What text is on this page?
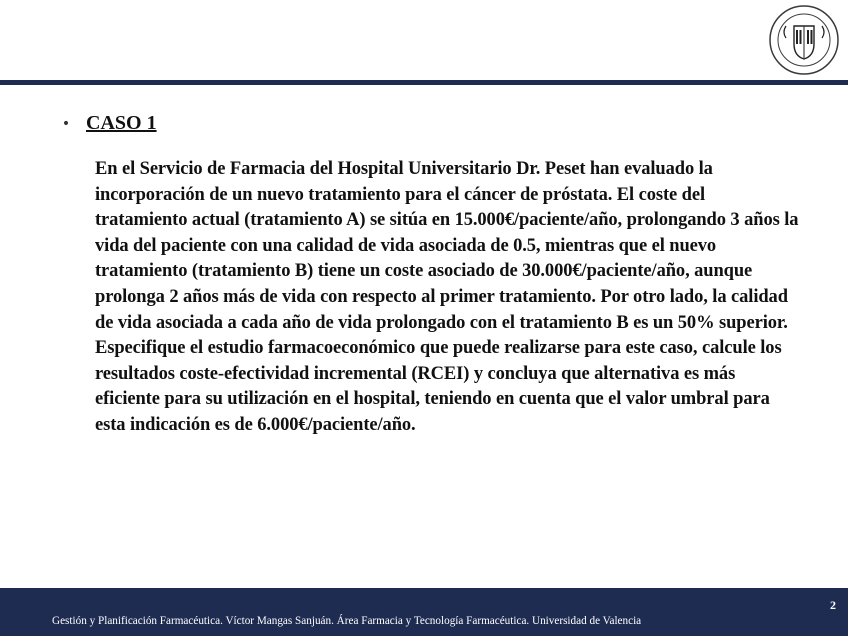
• CASO 1
En el Servicio de Farmacia del Hospital Universitario Dr. Peset han evaluado la incorporación de un nuevo tratamiento para el cáncer de próstata. El coste del tratamiento actual (tratamiento A) se sitúa en 15.000€/paciente/año, prolongando 3 años la vida del paciente con una calidad de vida asociada de 0.5, mientras que el nuevo tratamiento (tratamiento B) tiene un coste asociado de 30.000€/paciente/año, aunque prolonga 2 años más de vida con respecto al primer tratamiento. Por otro lado, la calidad de vida asociada a cada año de vida prolongado con el tratamiento B es un 50% superior. Especifique el estudio farmacoeconómico que puede realizarse para este caso, calcule los resultados coste-efectividad incremental (RCEI) y concluya que alternativa es más eficiente para su utilización en el hospital, teniendo en cuenta que el valor umbral para esta indicación es de 6.000€/paciente/año.
2
Gestión y Planificación Farmacéutica. Víctor Mangas Sanjuán. Área Farmacia y Tecnología Farmacéutica. Universidad de Valencia
